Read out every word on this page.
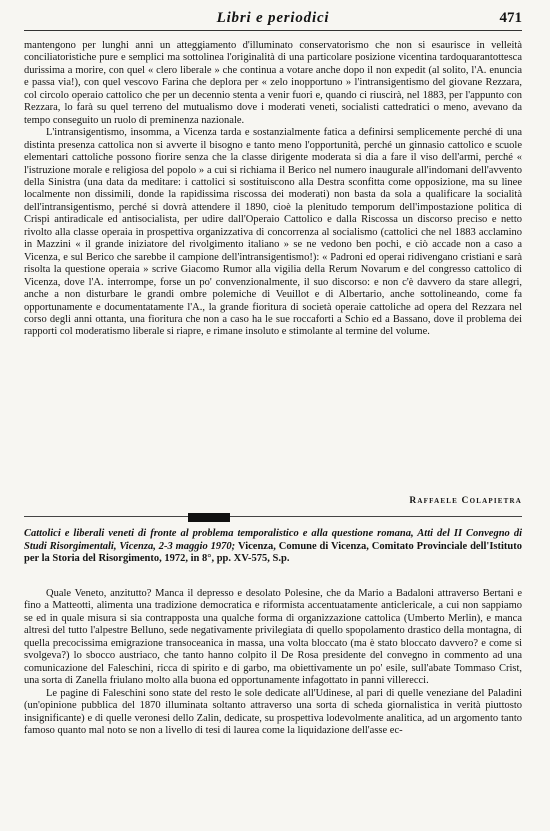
Libri e periodici	471

mantengono per lunghi anni un atteggiamento d'illuminato conservatorismo che non si esaurisce in velleità conciliatoristiche pure e semplici ma sottolinea l'originalità di una particolare posizione vicentina tardoquarantottesca durissima a morire, con quel « clero liberale » che continua a votare anche dopo il non expedit (al solito, l'A. enuncia e passa via!), con quel vescovo Farina che deplora per « zelo inopportuno » l'intransigentismo del giovane Rezzara, col circolo operaio cattolico che per un decennio stenta a venir fuori e, quando ci riuscirà, nel 1883, per l'appunto con Rezzara, lo farà su quel terreno del mutualismo dove i moderati veneti, socialisti cattedratici o meno, avevano da tempo conseguito un ruolo di preminenza nazionale.

L'intransigentismo, insomma, a Vicenza tarda e sostanzialmente fatica a definirsi semplicemente perché di una distinta presenza cattolica non si avverte il bisogno e tanto meno l'opportunità, perché un ginnasio cattolico e scuole elementari cattoliche possono fiorire senza che la classe dirigente moderata si dia a fare il viso dell'armi, perché « l'istruzione morale e religiosa del popolo » a cui si richiama il Berico nel numero inaugurale all'indomani dell'avvento della Sinistra (una data da meditare: i cattolici si sostituiscono alla Destra sconfitta come opposizione, ma su linee localmente non dissimili, donde la rapidissima riscossa dei moderati) non basta da sola a qualificare la socialità dell'intransigentismo, perché si dovrà attendere il 1890, cioè la plenitudo temporum dell'impostazione politica di Crispi antiradicale ed antisocialista, per udire dall'Operaio Cattolico e dalla Riscossa un discorso preciso e netto rivolto alla classe operaia in prospettiva organizzativa di concorrenza al socialismo (cattolici che nel 1883 acclamino in Mazzini « il grande iniziatore del rivolgimento italiano » se ne vedono ben pochi, e ciò accade non a caso a Vicenza, e sul Berico che sarebbe il campione dell'intransigentismo!): « Padroni ed operai ridivengano cristiani e sarà risolta la questione operaia » scrive Giacomo Rumor alla vigilia della Rerum Novarum e del congresso cattolico di Vicenza, dove l'A. interrompe, forse un po' convenzionalmente, il suo discorso: e non c'è davvero da stare allegri, anche a non disturbare le grandi ombre polemiche di Veuillot e di Albertario, anche sottolineando, come fa opportunamente e documentatamente l'A., la grande fioritura di società operaie cattoliche ad opera del Rezzara nel corso degli anni ottanta, una fioritura che non a caso ha le sue roccaforti a Schio ed a Bassano, dove il problema dei rapporti col moderatismo liberale si riapre, e rimane insoluto e stimolante al termine del volume.

Raffaele Colapietra
Cattolici e liberali veneti di fronte al problema temporalistico e alla questione romana, Atti del II Convegno di Studi Risorgimentali, Vicenza, 2-3 maggio 1970; Vicenza, Comune di Vicenza, Comitato Provinciale dell'Istituto per la Storia del Risorgimento, 1972, in 8°, pp. XV-575, S.p.

Quale Veneto, anzitutto? Manca il depresso e desolato Polesine, che da Mario a Badaloni attraverso Bertani e fino a Matteotti, alimenta una tradizione democratica e riformista accentuatamente anticlericale, a cui non sappiamo se ed in quale misura si sia contrapposta una qualche forma di organizzazione cattolica (Umberto Merlin), e manca altresì del tutto l'alpestre Belluno, sede negativamente privilegiata di quello spopolamento drastico della montagna, di quella precocissima emigrazione transoceanica in massa, una volta bloccato (ma è stato bloccato davvero? e come si svolgeva?) lo sbocco austriaco, che tanto hanno colpito il De Rosa presidente del convegno in commento ad una comunicazione del Faleschini, ricca di spirito e di garbo, ma obiettivamente un po' esile, sull'abate Tommaso Crist, una sorta di Zanella friulano molto alla buona ed opportunamente infagottato in panni villerecci.

Le pagine di Faleschini sono state del resto le sole dedicate all'Udinese, al pari di quelle veneziane del Paladini (un'opinione pubblica del 1870 illuminata soltanto attraverso una sorta di scheda giornalistica in verità piuttosto insignificante) e di quelle veronesi dello Zalin, dedicate, su prospettiva lodevolmente analitica, ad un argomento tanto famoso quanto mal noto se non a livello di tesi di laurea come la liquidazione dell'asse ec-
